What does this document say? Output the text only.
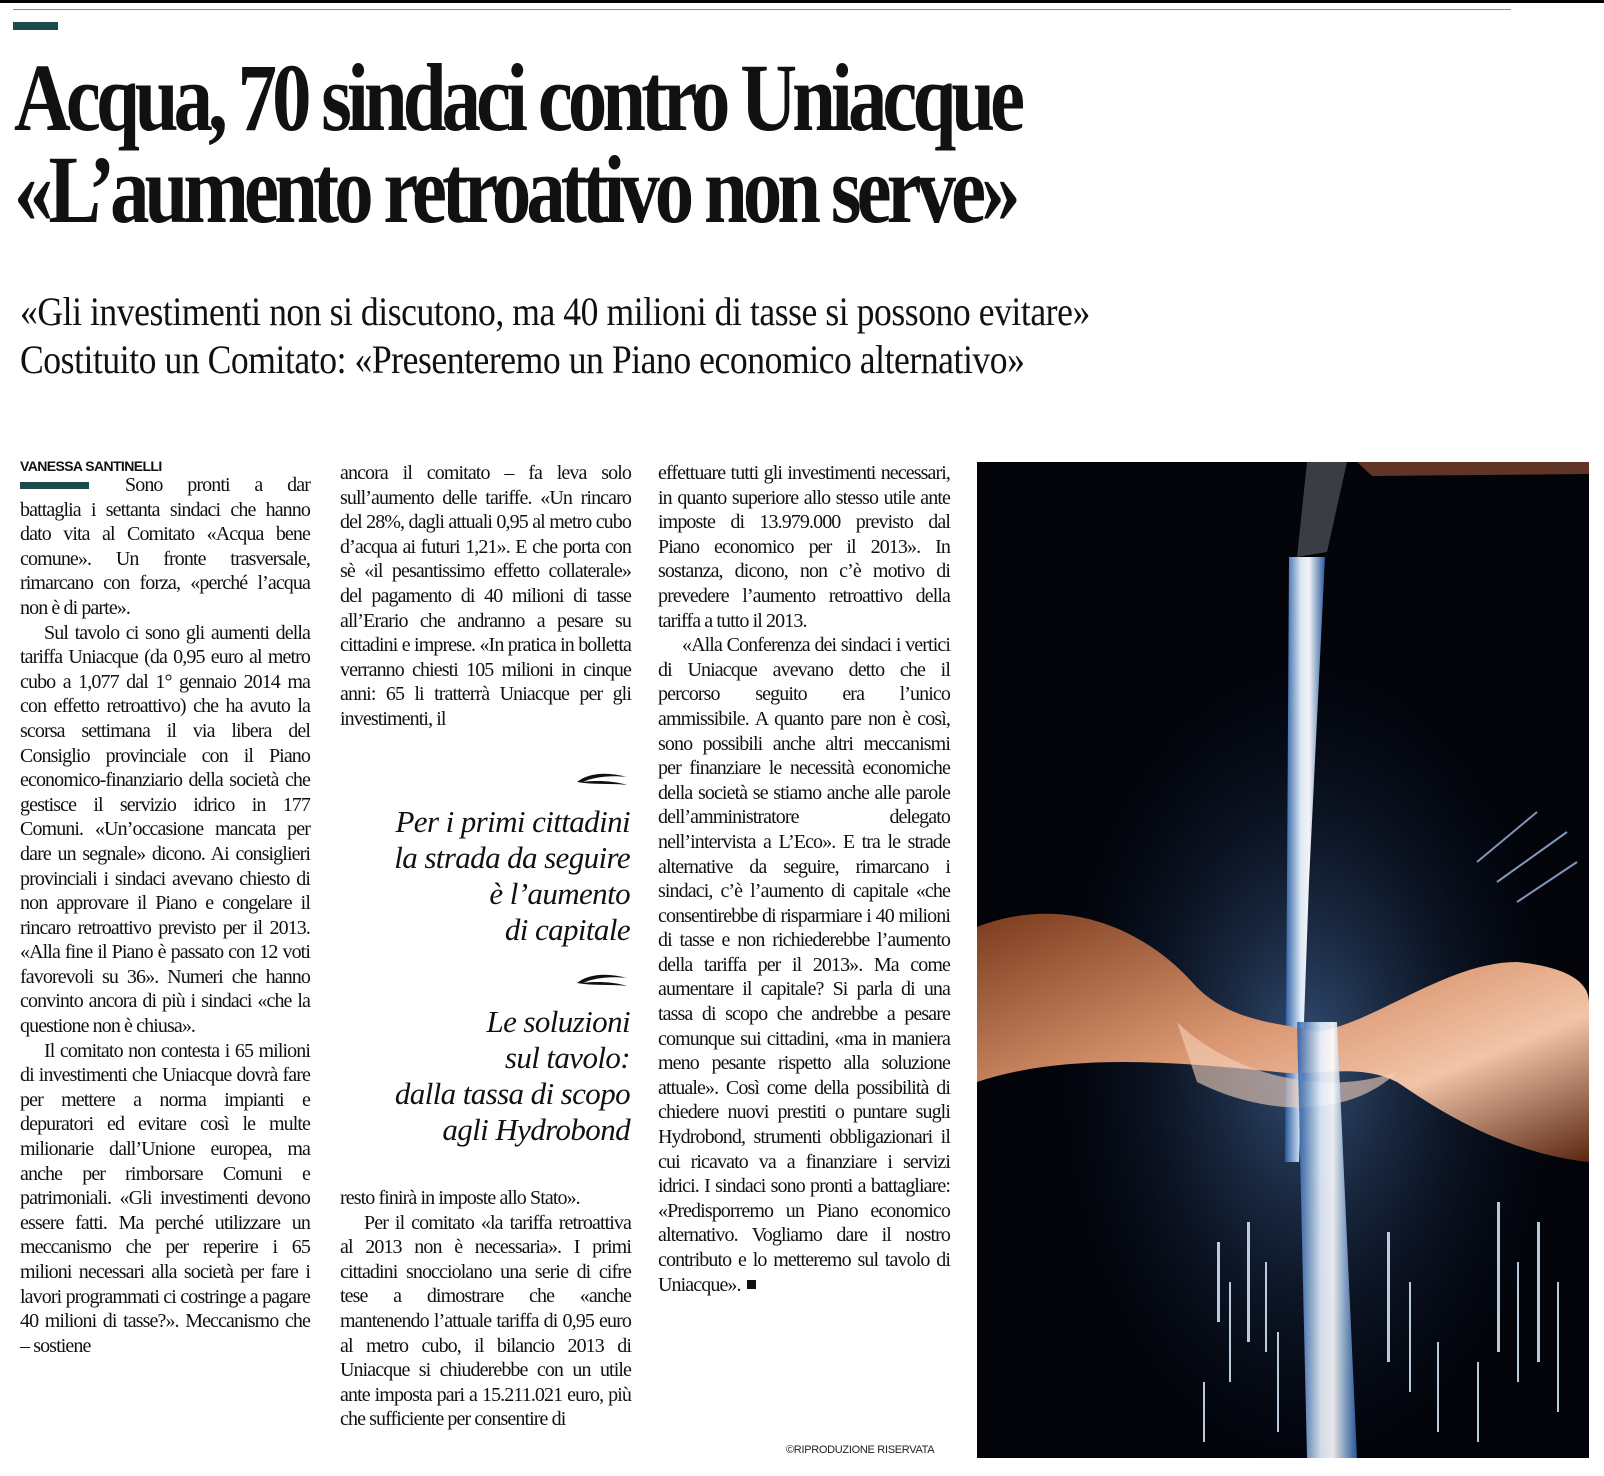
Acqua, 70 sindaci contro Uniacque
«L’aumento retroattivo non serve»
«Gli investimenti non si discutono, ma 40 milioni di tasse si possono evitare»
Costituito un Comitato: «Presenteremo un Piano economico alternativo»
VANESSA SANTINELLI

Sono pronti a dar battaglia i settanta sindaci che hanno dato vita al Comitato «Acqua bene comune». Un fronte trasversale, rimarcano con forza, «perché l’acqua non è di parte».

Sul tavolo ci sono gli aumenti della tariffa Uniacque (da 0,95 euro al metro cubo a 1,077 dal 1° gennaio 2014 ma con effetto retroattivo) che ha avuto la scorsa settimana il via libera del Consiglio provinciale con il Piano economico-finanziario della società che gestisce il servizio idrico in 177 Comuni. «Un’occasione mancata per dare un segnale» dicono. Ai consiglieri provinciali i sindaci avevano chiesto di non approvare il Piano e congelare il rincaro retroattivo previsto per il 2013. «Alla fine il Piano è passato con 12 voti favorevoli su 36». Numeri che hanno convinto ancora di più i sindaci «che la questione non è chiusa».

Il comitato non contesta i 65 milioni di investimenti che Uniacque dovrà fare per mettere a norma impianti e depuratori ed evitare così le multe milionarie dall’Unione europea, ma anche per rimborsare Comuni e patrimoniali. «Gli investimenti devono essere fatti. Ma perché utilizzare un meccanismo che per reperire i 65 milioni necessari alla società per fare i lavori programmati ci costringe a pagare 40 milioni di tasse?». Meccanismo che – sostiene

ancora il comitato – fa leva solo sull’aumento delle tariffe. «Un rincaro del 28%, dagli attuali 0,95 al metro cubo d’acqua ai futuri 1,21». E che porta con sè «il pesantissimo effetto collaterale» del pagamento di 40 milioni di tasse all’Erario che andranno a pesare su cittadini e imprese. «In pratica in bolletta verranno chiesti 105 milioni in cinque anni: 65 li tratterrà Uniacque per gli investimenti, il

Per i primi cittadini
la strada da seguire
è l’aumento
di capitale
Le soluzioni
sul tavolo:
dalla tassa di scopo
agli Hydrobond

resto finirà in imposte allo Stato».

Per il comitato «la tariffa retroattiva al 2013 non è necessaria». I primi cittadini snocciolano una serie di cifre tese a dimostrare che «anche mantenendo l’attuale tariffa di 0,95 euro al metro cubo, il bilancio 2013 di Uniacque si chiuderebbe con un utile ante imposta pari a 15.211.021 euro, più che sufficiente per consentire di

effettuare tutti gli investimenti necessari, in quanto superiore allo stesso utile ante imposte di 13.979.000 previsto dal Piano economico per il 2013». In sostanza, dicono, non c’è motivo di prevedere l’aumento retroattivo della tariffa a tutto il 2013.

«Alla Conferenza dei sindaci i vertici di Uniacque avevano detto che il percorso seguito era l’unico ammissibile. A quanto pare non è così, sono possibili anche altri meccanismi per finanziare le necessità economiche della società se stiamo anche alle parole dell’amministratore delegato nell’intervista a L’Eco». E tra le strade alternative da seguire, rimarcano i sindaci, c’è l’aumento di capitale «che consentirebbe di risparmiare i 40 milioni di tasse e non richiederebbe l’aumento della tariffa per il 2013». Ma come aumentare il capitale? Si parla di una tassa di scopo che andrebbe a pesare comunque sui cittadini, «ma in maniera meno pesante rispetto alla soluzione attuale». Così come della possibilità di chiedere nuovi prestiti o puntare sugli Hydrobond, strumenti obbligazionari il cui ricavato va a finanziare i servizi idrici. I sindaci sono pronti a battagliare: «Predisporremo un Piano economico alternativo. Vogliamo dare il nostro contributo e lo metteremo sul tavolo di Uniacque».

©RIPRODUZIONE RISERVATA
